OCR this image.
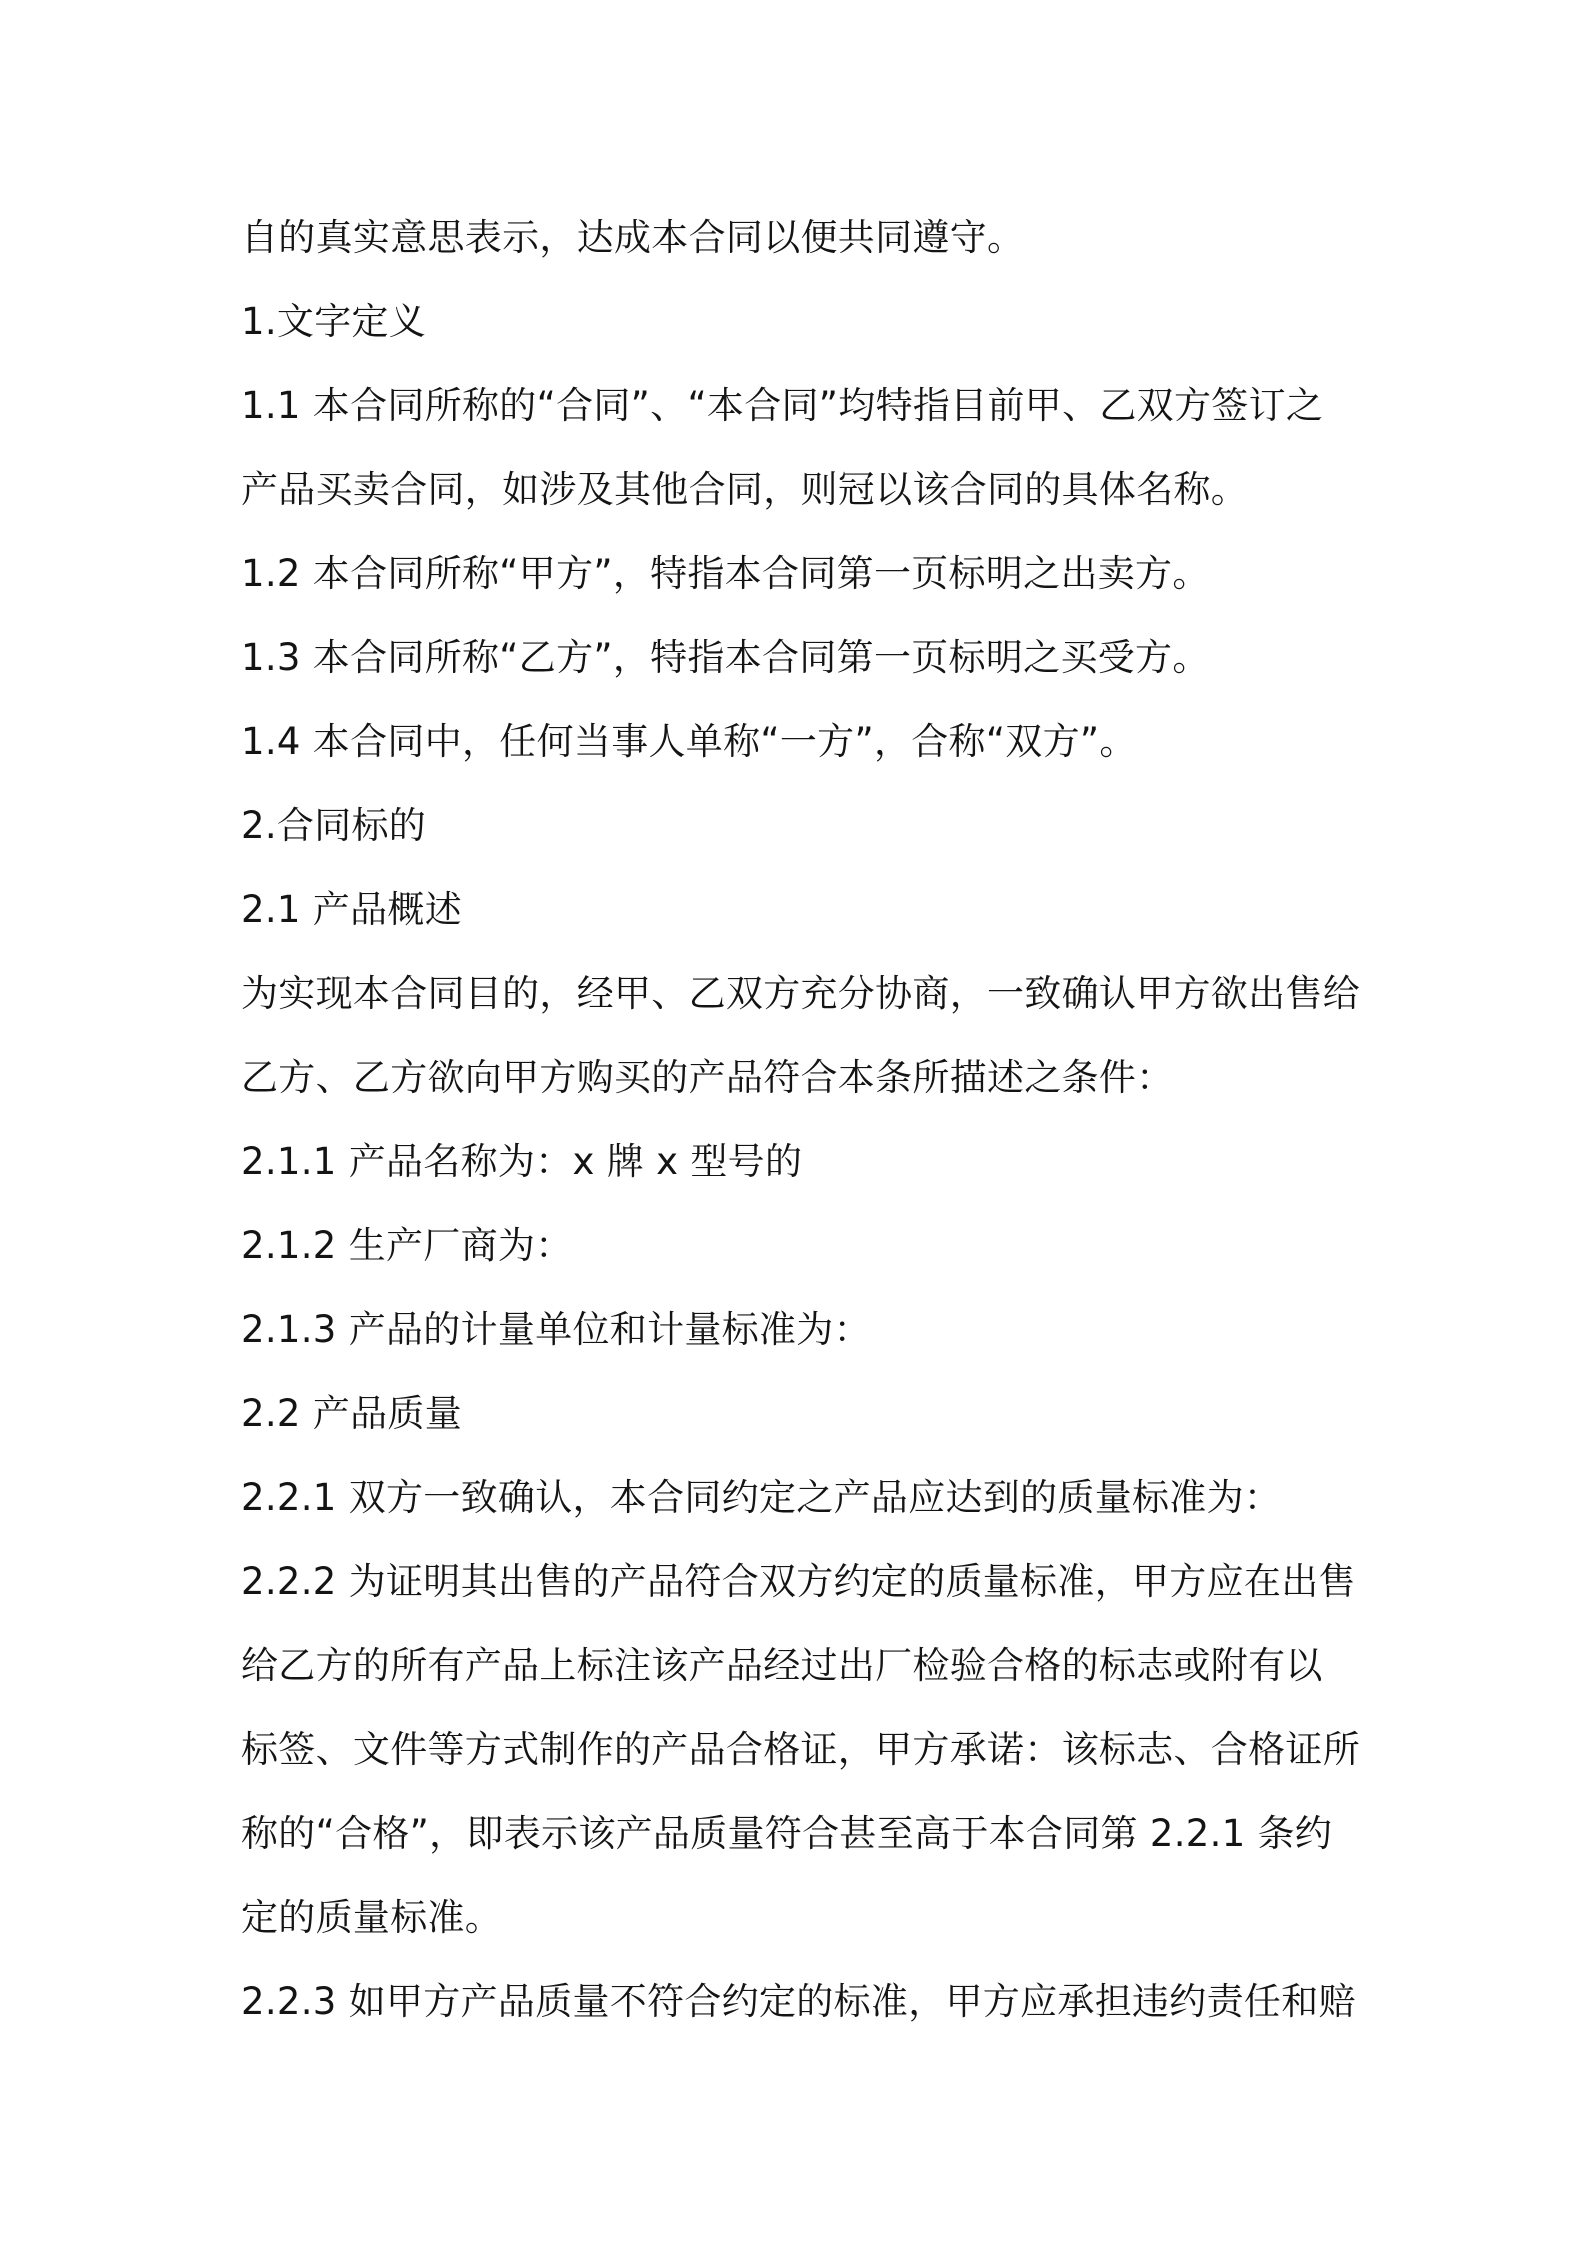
自的真实意思表示，达成本合同以便共同遵守。
1.文字定义
1.1 本合同所称的“合同”、“本合同”均特指目前甲、乙双方签订之
产品买卖合同，如涉及其他合同，则冠以该合同的具体名称。
1.2 本合同所称“甲方”，特指本合同第一页标明之出卖方。
1.3 本合同所称“乙方”，特指本合同第一页标明之买受方。
1.4 本合同中，任何当事人单称“一方”，合称“双方”。
2.合同标的
2.1 产品概述
为实现本合同目的，经甲、乙双方充分协商，一致确认甲方欲出售给
乙方、乙方欲向甲方购买的产品符合本条所描述之条件：
2.1.1 产品名称为：x 牌 x 型号的
2.1.2 生产厂商为：
2.1.3 产品的计量单位和计量标准为：
2.2 产品质量
2.2.1 双方一致确认，本合同约定之产品应达到的质量标准为：
2.2.2 为证明其出售的产品符合双方约定的质量标准，甲方应在出售
给乙方的所有产品上标注该产品经过出厂检验合格的标志或附有以
标签、文件等方式制作的产品合格证，甲方承诺：该标志、合格证所
称的“合格”，即表示该产品质量符合甚至高于本合同第 2.2.1 条约
定的质量标准。
2.2.3 如甲方产品质量不符合约定的标准，甲方应承担违约责任和赔
